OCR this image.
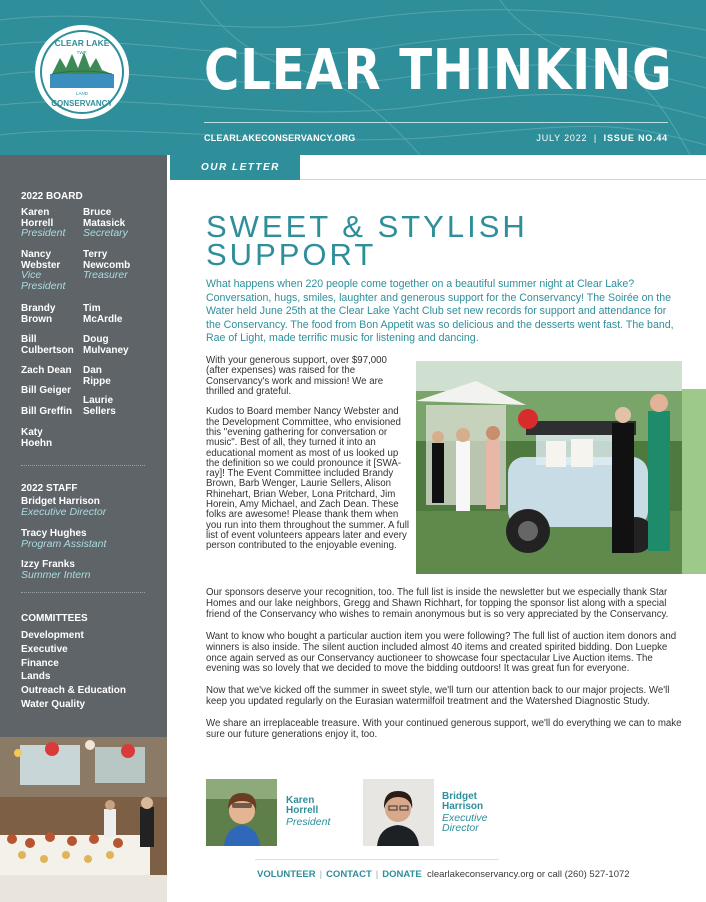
CLEAR LAKE
TWP.
LAND
CONSERVANCY
CLEAR THINKING
CLEARLAKECONSERVANCY.ORG	JULY 2022  |  ISSUE NO.44
2022 BOARD
Karen Horrell
President
Bruce Matasick
Secretary
Nancy Webster
Vice President
Terry Newcomb
Treasurer
Brandy Brown
Tim McArdle
Bill Culbertson
Doug Mulvaney
Zach Dean	Dan Rippe
Bill Geiger
Laurie Sellers
Bill Greffin
Katy Hoehn
2022 STAFF
Bridget Harrison
Executive Director
Tracy Hughes
Program Assistant
Izzy Franks
Summer Intern
COMMITTEES
Development
Executive
Finance
Lands
Outreach & Education
Water Quality
OUR LETTER
SWEET & STYLISH SUPPORT

What happens when 220 people come together on a beautiful summer night at Clear Lake? Conversation, hugs, smiles, laughter and generous support for the Conservancy! The Soirée on the Water held June 25th at the Clear Lake Yacht Club set new records for support and attendance for the Conservancy. The food from Bon Appetit was so delicious and the desserts went fast. The band, Rae of Light, made terrific music for listening and dancing.

With your generous support, over $97,000 (after expenses) was raised for the Conservancy's work and mission! We are thrilled and grateful.

Kudos to Board member Nancy Webster and the Development Committee, who envisioned this "evening gathering for conversation or music". Best of all, they turned it into an educational moment as most of us looked up the definition so we could pronounce it [SWA-ray]! The Event Committee included Brandy Brown, Barb Wenger, Laurie Sellers, Alison Rhinehart, Brian Weber, Lona Pritchard, Jim Horein, Amy Michael, and Zach Dean. These folks are awesome! Please thank them when you run into them throughout the summer. A full list of event volunteers appears later and every person contributed to the enjoyable evening.

Our sponsors deserve your recognition, too. The full list is inside the newsletter but we especially thank Star Homes and our lake neighbors, Gregg and Shawn Richhart, for topping the sponsor list along with a special friend of the Conservancy who wishes to remain anonymous but is so very appreciated by the Conservancy.

Want to know who bought a particular auction item you were following? The full list of auction item donors and winners is also inside. The silent auction included almost 40 items and created spirited bidding. Don Luepke once again served as our Conservancy auctioneer to showcase four spectacular Live Auction items. The evening was so lovely that we decided to move the bidding outdoors! It was great fun for everyone.

Now that we've kicked off the summer in sweet style, we'll turn our attention back to our major projects. We'll keep you updated regularly on the Eurasian watermilfoil treatment and the Watershed Diagnostic Study.

We share an irreplaceable treasure. With your continued generous support, we'll do everything we can to make sure our future generations enjoy it, too.

Karen
Horrell
President
Bridget
Harrison
Executive
Director
VOLUNTEER | CONTACT | DONATE clearlakeconservancy.org or call (260) 527-1072
